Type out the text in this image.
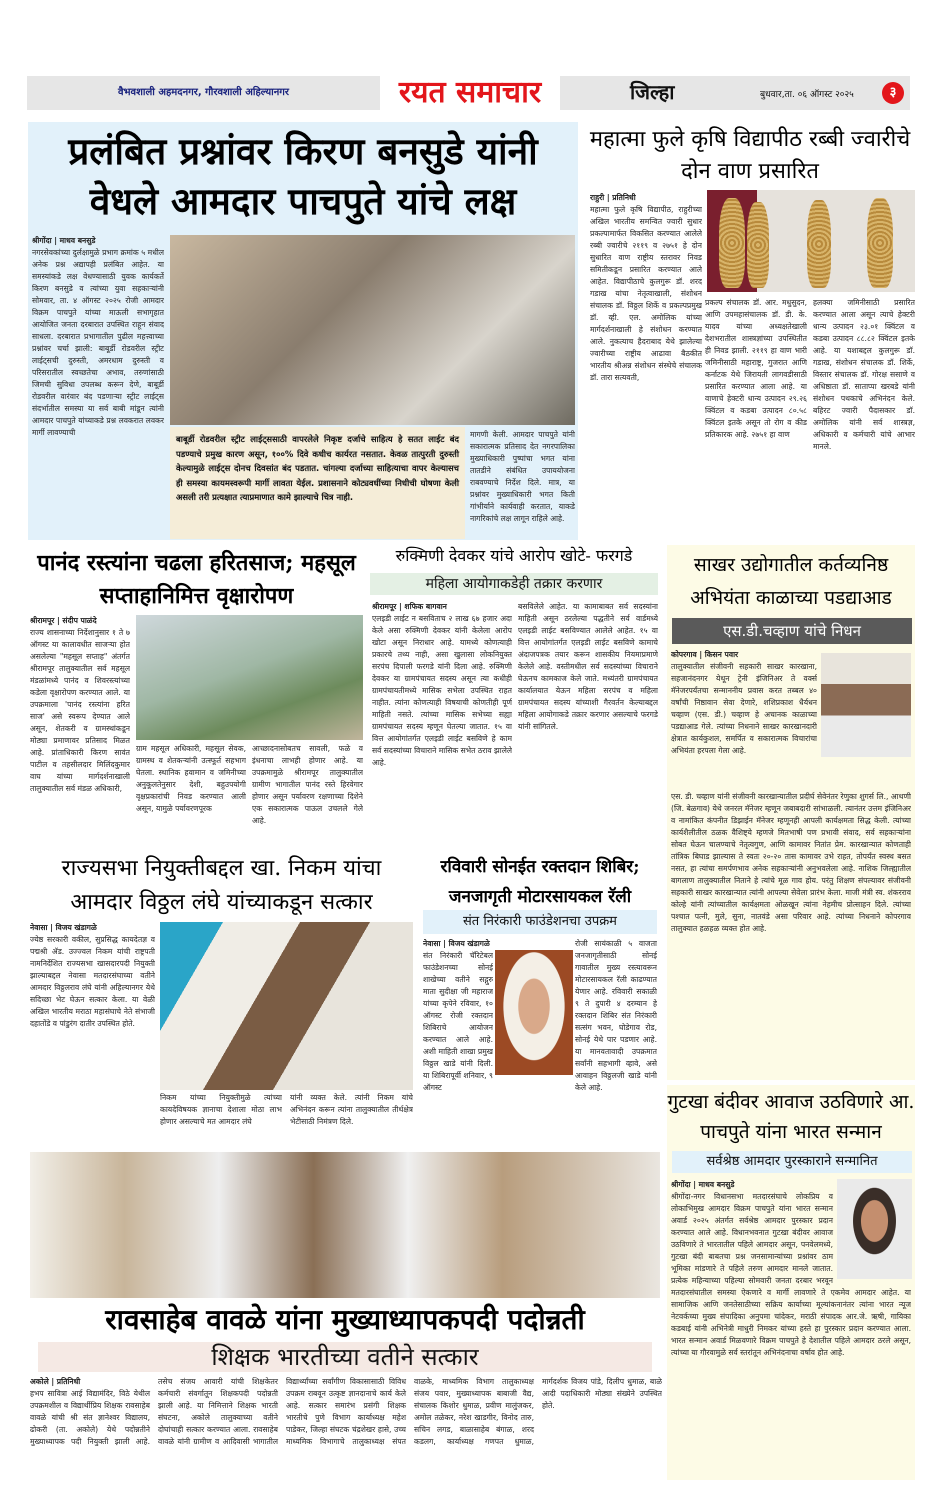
वैभवशाली अहमदनगर, गौरवशाली अहिल्यानगर	रयत समाचार	जिल्हा	बुधवार,ता. ०६ ऑगस्ट २०२५	३
प्रलंबित प्रश्नांवर किरण बनसुडे यांनी वेधले आमदार पाचपुते यांचे लक्ष
श्रीगोंदा | माधव बनसुडे
नगरसेवकांच्या दुर्लक्षामुळे प्रभाग क्रमांक ५ मधील अनेक प्रश्न अद्यापही प्रलंबित आहेत. या समस्यांकडे लक्ष वेधण्यासाठी युवक कार्यकर्ते किरण बनसुडे व त्यांच्या युवा सहकाऱ्यांनी सोमवार, ता. ४ ऑगस्ट २०२५ रोजी आमदार विक्रम पाचपुते यांच्या माऊली सभागृहात आयोजित जनता दरबारात उपस्थित राहून संवाद साधला. दरबारात प्रभागातील पुढील महत्त्वाच्या प्रश्नांवर चर्चा झाली: बाबूर्डी रोडवरील स्ट्रीट लाईट्सची दुरुस्ती, अमरधाम दुरुस्ती व परिसरातील स्वच्छतेचा अभाव, तरुणांसाठी जिमची सुविधा उपलब्ध करून देणे, बाबूर्डी रोडवरील वारंवार बंद पडणाऱ्या स्ट्रीट लाईट्स संदर्भातील समस्या या सर्व बाबी मांडून त्यांनी आमदार पाचपुते यांच्याकडे प्रश्न लवकरात लवकर मार्गी लावण्याची
बाबूर्डी रोडवरील स्ट्रीट लाईट्ससाठी वापरलेले निकृष्ट दर्जाचे साहित्य हे सतत लाईट बंद पडण्याचे प्रमुख कारण असून, १००% दिवे कधीच कार्यरत नसतात. केवळ तात्पुरती दुरुस्ती केल्यामुळे लाईट्स दोनच दिवसांत बंद पडतात. चांगल्या दर्जाच्या साहित्याचा वापर केल्यासच ही समस्या कायमस्वरूपी मार्गी लावता येईल. प्रशासनाने कोट्यवधींच्या निधीची घोषणा केली असली तरी प्रत्यक्षात त्याप्रमाणात कामे झाल्याचे चित्र नाही.
मागणी केली. आमदार पाचपुते यांनी सकारात्मक प्रतिसाद देत नगरपालिका मुख्याधिकारी पुष्पांचा भगत यांना तातडीने संबंधित उपाययोजना राबवण्याचे निर्देश दिले. मात्र, या प्रश्नांवर मुख्याधिकारी भगत किती गांभीर्याने कार्यवाही करतात, याकडे नागरिकांचे लक्ष लागून राहिले आहे.
महात्मा फुले कृषि विद्यापीठ रब्बी ज्वारीचे दोन वाण प्रसारित
राहुरी | प्रतिनिधी
महात्मा फुले कृषि विद्यापीठ, राहुरीच्या अखिल भारतीय समन्वित ज्वारी सुधार प्रकल्पामार्फत विकसित करण्यात आलेले रब्बी ज्वारीचे २११९ व २७५१ हे दोन सुधारित वाण राष्ट्रीय स्तरावर निवड समितीकडून प्रसारित करण्यात आले आहेत. विद्यापीठाचे कुलगुरू डॉ. शरद गडाख यांचा नेतृत्वाखाली, संशोधन संचालक डॉ. विठ्ठल शिर्के व प्रकल्पप्रमुख डॉ. व्ही. एल. अमोलिक यांच्या मार्गदर्शनाखाली हे संशोधन करण्यात आले. नुकत्याच हैदराबाद येथे झालेल्या ज्वारीच्या राष्ट्रीय आढावा बैठकीत भारतीय श्रीअन्न संशोधन संस्थेचे संचालक डॉ. तारा सत्यवती,
प्रकल्प संचालक डॉ. आर. मधुसुदन, आणि उपमहासंचालक डॉ. डी. के. यादव यांच्या अध्यक्षतेखाली देशभरातील शास्त्रज्ञांच्या उपस्थितीत ही निवड झाली. २११९ हा वाण भारी जमिनीसाठी महाराष्ट्र, गुजरात आणि कर्नाटक येथे जिरायती लागवडीसाठी प्रसारित करण्यात आला आहे. या वाणाचे हेक्टरी धान्य उत्पादन २९.२६ क्विंटल व कडबा उत्पादन ८०.५८ क्विंटल इतके असून तो रोग व कीड प्रतिकारक आहे. २७५१ हा वाण
हलक्या जमिनीसाठी प्रसारित करण्यात आला असून त्याचे हेक्टरी धान्य उत्पादन २३.०१ क्विंटल व कडबा उत्पादन ८८.८२ क्विंटल इतके आहे. या यशाबद्दल कुलगुरू डॉ. गडाख, संशोधन संचालक डॉ. शिर्के, विस्तार संचालक डॉ. गोरक्ष ससाणे व अधिष्ठाता डॉ. साताप्पा खरबडे यांनी संशोधन पथकाचे अभिनंदन केले. बहिरट ज्वारी पैदासकार डॉ. अमोलिक यांनी सर्व शास्त्रज्ञ, अधिकारी व कर्मचारी यांचे आभार मानले.
पानंद रस्त्यांना चढला हरितसाज; महसूल सप्ताहानिमित्त वृक्षारोपण
श्रीरामपूर | संदीप पाळंदे
राज्य शासनाच्या निर्देशानुसार १ ते ७ ऑगस्ट या कालावधीत साजऱ्या होत असलेल्या "महसूल सप्ताह" अंतर्गत श्रीरामपूर तालुक्यातील सर्व महसूल मंडळांमध्ये पानंद व शिवरस्त्यांच्या कडेला वृक्षारोपण करण्यात आले. या उपक्रमाला 'पानंद रस्त्यांना हरित साज' असे स्वरूप देण्यात आले असून, शेतकरी व ग्रामस्थांकडून मोठ्या प्रमाणावर प्रतिसाद मिळत आहे. प्रांताधिकारी किरण सावंत पाटील व तहसीलदार मिलिंदकुमार वाघ यांच्या मार्गदर्शनाखाली तालुक्यातील सर्व मंडळ अधिकारी,
ग्राम महसूल अधिकारी, महसूल सेवक, ग्रामस्थ व शेतकऱ्यांनी उत्स्फूर्त सहभाग घेतला. स्थानिक हवामान व जमिनीच्या अनुकूलतेनुसार देशी, बहुउपयोगी वृक्षप्रकारांची निवड करण्यात आली असून, यामुळे पर्यावरणपूरक
आच्छादनासोबतच सावली, फळे व इंधनाचा लाभही होणार आहे. या उपक्रमामुळे श्रीरामपूर तालुक्यातील ग्रामीण भागातील पानंद रस्ते हिरवेगार होणार असून पर्यावरण रक्षणाच्या दिशेने एक सकारात्मक पाऊल उचलले गेले आहे.
रुक्मिणी देवकर यांचे आरोप खोटे- फरगडे
महिला आयोगाकडेही तक्रार करणार
श्रीरामपूर | शफिक बागवान
एलइडी लाईट न बसविताच २ लाख ६७ हजार अदा केले असा रुक्मिणी देवकर यांनी केलेला आरोप खोटा असून निराधार आहे. यामध्ये कोणत्याही प्रकारचे तथ्य नाही, असा खुलासा लोकनियुक्त सरपंच दिपाली फरगडे यांनी दिला आहे. रुक्मिणी देवकर या ग्रामपंचायत सदस्य असून त्या कधीही ग्रामपंचायतीमध्ये मासिक सभेला उपस्थित राहत नाहीत. त्यांना कोणत्याही विषयाची कोणतीही पूर्ण माहिती नसते. त्यांच्या मासिक सभेच्या सह्या ग्रामपंचायत सदस्य म्हणून घेतल्या जातात. १५ वा वित्त आयोगांतर्गत एलइडी लाईट बसविणे हे काम सर्व सदस्यांच्या विचाराने मासिक सभेत ठराव झालेले आहे.
बसविलेले आहेत. या कामाबाबत सर्व सदस्यांना माहिती असून ठरलेल्या पद्धतीने सर्व वार्डमध्ये एलइडी लाईट बसविण्यात आलेले आहेत. १५ वा वित्त आयोगांतर्गत एलइडी लाईट बसविणे कामाचे अंदाजपत्रक तयार करून शासकीय नियमाप्रमाणे केलेले आहे. वस्तीमधील सर्व सदस्यांच्या विचाराने घेऊनच कामकाज केले जाते. मध्यंतरी ग्रामपंचायत कार्यालयात येऊन महिला सरपंच व महिला ग्रामपंचायत सदस्य यांच्याशी गैरवर्तन केल्याबद्दल महिला आयोगाकडे तक्रार करणार असल्याचे फरगडे यांनी सांगितले.
साखर उद्योगातील कर्तव्यनिष्ठ अभियंता काळाच्या पडद्याआड
एस.डी.चव्हाण यांचे निधन
कोपरगाव | किसन पवार
तालुक्यातील संजीवनी सहकारी साखर कारखाना, सहजानंदनगर येथून ट्रेनी इंजिनिअर ते वर्क्स मॅनेजरपर्यंतचा सन्माननीय प्रवास करत तब्बल ४० वर्षांची निष्ठावान सेवा देणारे, शशिप्रकाश धैर्यधन चव्हाण (एस. डी.) चव्हाण हे अचानक काळाच्या पडद्याआड गेले. त्यांच्या निधनाने साखर कारखानदारी क्षेत्रात कार्यकुशल, समर्पित व सकारात्मक विचारांचा अभियंता हरपला गेला आहे.
एस. डी. चव्हाण यांनी संजीवनी कारखान्यातील प्रदीर्घ सेवेनंतर रेणुका शुगर्स लि., आथणी (जि. बेळगाव) येथे जनरल मॅनेजर म्हणून जबाबदारी सांभाळली. त्यानंतर उत्तम इंजिनिअर व नामांकित कंपनीत डिझाईन मॅनेजर म्हणूनही आपली कार्यक्षमता सिद्ध केली. त्यांच्या कार्यशैलीतील ठळक वैशिष्ट्ये म्हणजे मितभाषी पण प्रभावी संवाद, सर्व सहकाऱ्यांना सोबत घेऊन चालण्याचे नेतृत्वगुण, आणि कामावर नितांत प्रेम. कारखान्यात कोणताही तांत्रिक बिघाड झाल्यास ते स्वतः २०-२० तास कामावर उभे राहत, तोपर्यंत स्वस्थ बसत नसत, हा त्यांचा समर्पणभाव अनेक सहकाऱ्यांनी अनुभवलेला आहे. नाशिक जिल्ह्यातील बागलाण तालुक्यातील निताने हे त्यांचे मूळ गाव होय. परंतु शिक्षण संपल्यावर संजीवनी सहकारी साखर कारखान्यात त्यांनी आपल्या सेवेला प्रारंभ केला. माजी मंत्री स्व. शंकरराव कोल्हे यांनी त्यांच्यातील कार्यक्षमता ओळखून त्यांना नेहमीच प्रोत्साहन दिले. त्यांच्या पश्चात पत्नी, मुले, सुना, नातवंडे असा परिवार आहे. त्यांच्या निधनाने कोपरगाव तालुक्यात हळहळ व्यक्त होत आहे.
राज्यसभा नियुक्तीबद्दल खा. निकम यांचा आमदार विठ्ठल लंघे यांच्याकडून सत्कार
नेवासा | विजय खंडागळे
ज्येष्ठ सरकारी वकील, सुप्रसिद्ध कायदेतज्ञ व पद्मश्री ॲड. उज्ज्वल निकम यांची राष्ट्रपती नामनिर्देशित राज्यसभा खासदारपदी नियुक्ती झाल्याबद्दल नेवासा मतदारसंघाच्या वतीने आमदार विठ्ठलराव लंघे यांनी अहिल्यानगर येथे सदिच्छा भेट घेऊन सत्कार केला. या वेळी अखिल भारतीय मराठा महासंघाचे नेते संभाजी दहातोंडे व पांडुरंग दातीर उपस्थित होते.
निकम यांच्या नियुक्तीमुळे त्यांच्या कायदेविषयक ज्ञानाचा देशाला मोठा लाभ होणार असल्याचे मत आमदार लंघे
यांनी व्यक्त केले. त्यांनी निकम यांचे अभिनंदन करून त्यांना तालुक्यातील तीर्थक्षेत्र भेटीसाठी निमंत्रण दिले.
रविवारी सोनईत रक्तदान शिबिर; जनजागृती मोटारसायकल रॅली
संत निरंकारी फाउंडेशनचा उपक्रम
नेवासा | विजय खंडागळे
संत निरंकारी चॅरिटेबल फाउंडेशनच्या सोनई शाखेच्या वतीने सद्गुरु माता सुदीक्षा जी महाराज यांच्या कृपेने रविवार, १० ऑगस्ट रोजी रक्तदान शिबिराचे आयोजन करण्यात आले आहे. अशी माहिती शाखा प्रमुख विठ्ठल खाडे यांनी दिली. या शिबिरापूर्वी शनिवार, ९ ऑगस्ट
रोजी सायंकाळी ५ वाजता जनजागृतीसाठी सोनई गावातील मुख्य रस्त्यावरून मोटारसायकल रॅली काढण्यात येणार आहे. रविवारी सकाळी ९ ते दुपारी ४ दरम्यान हे रक्तदान शिबिर संत निरंकारी सत्संग भवन, घोडेगाव रोड, सोनई येथे पार पडणार आहे. या मानवतावादी उपक्रमात सर्वांनी सहभागी व्हावे, असे आवाहन विठ्ठलजी खाडे यांनी केले आहे.
गुटखा बंदीवर आवाज उठविणारे आ. पाचपुते यांना भारत सन्मान
सर्वश्रेष्ठ आमदार पुरस्काराने सन्मानित
श्रीगोंदा | माधव बनसुडे
श्रीगोंदा-नगर विधानसभा मतदारसंघाचे लोकप्रिय व लोकाभिमुख आमदार विक्रम पाचपुते यांना भारत सन्मान अवार्ड २०२५ अंतर्गत सर्वश्रेष्ठ आमदार पुरस्कार प्रदान करण्यात आले आहे. विधानभवनात गुटखा बंदीवर आवाज उठविणारे ते भारतातील पहिले आमदार असून, पनवेलमध्ये, गुटखा बंदी बाबतचा प्रश्न जनसामान्यांच्या प्रश्नांवर ठाम भूमिका मांडणारे ते पहिले तरुण आमदार मानले जातात. प्रत्येक महिन्याच्या पहिल्या सोमवारी जनता दरबार भरवून मतदारसंघातील समस्या ऐकणारे व मार्गी लावणारे ते एकमेव आमदार आहेत. या सामाजिक आणि जनतेसाठीच्या सक्रिय कार्याच्या मूल्यांकनानंतर त्यांना भारत न्यूज नेटवर्कच्या मुख्य संपादिका अनुपमा चांदेकर, मराठी संपादक आर.जे. ऋषी, गायिका कडबाई यांनी अभिनेत्री माधुरी निमकर यांच्या हस्ते हा पुरस्कार प्रदान करण्यात आला. भारत सन्मान अवार्ड मिळवणारे विक्रम पाचपुते हे देशातील पहिले आमदार ठरले असून, त्यांच्या या गौरवामुळे सर्व स्तरांतून अभिनंदनाचा वर्षाव होत आहे.
रावसाहेब वावळे यांना मुख्याध्यापकपदी पदोन्नती
शिक्षक भारतीच्या वतीने सत्कार
अकोले | प्रतिनिधी
हभप सावित्रा आई विद्यामंदिर, विठे येथील उपक्रमशील व विद्यार्थीप्रिय शिक्षक रावसाहेब वावळे यांची श्री संत ज्ञानेश्वर विद्यालय, ढोकरी (ता. अकोले) येथे पदोन्नतीने मुख्याध्यापक पदी नियुक्ती झाली आहे. तसेच संजय आवारी यांची शिक्षकेतर कर्मचारी संवर्गातून शिक्षकपदी पदोन्नती झाली आहे. या निमित्ताने शिक्षक भारती संघटना, अकोले तालुक्याच्या वतीने दोघांचाही सत्कार करण्यात आला. रावसाहेब वावळे यांनी ग्रामीण व आदिवासी भागातील विद्यार्थ्यांच्या सर्वांगीण विकासासाठी विविध उपक्रम राबवून उत्कृष्ट ज्ञानदानाचे कार्य केले आहे. सत्कार समारंभ प्रसंगी शिक्षक भारतीचे पुणे विभाग कार्याध्यक्ष महेश पाडेकर, जिल्हा संघटक चंद्रशेखर हासे, उच्च माध्यमिक विभागाचे तालुकाध्यक्ष संपत वाळके, माध्यमिक विभाग तालुकाध्यक्ष संजय पवार, मुख्याध्यापक बाबाजी वैद्य, संचालक किशोर धुमाळ, प्रवीण मालुंजकर, अमोल तळेकर, नरेश खाडगीर, विनोद तारु, सचिन लगड, बाळासाहेब बंगाळ, शरद कडलग, कार्याध्यक्ष गणपत धुमाळ, मार्गदर्शक विजय पांडे, दिलीप धुमाळ, बाळे आदी पदाधिकारी मोठ्या संख्येने उपस्थित होते.
